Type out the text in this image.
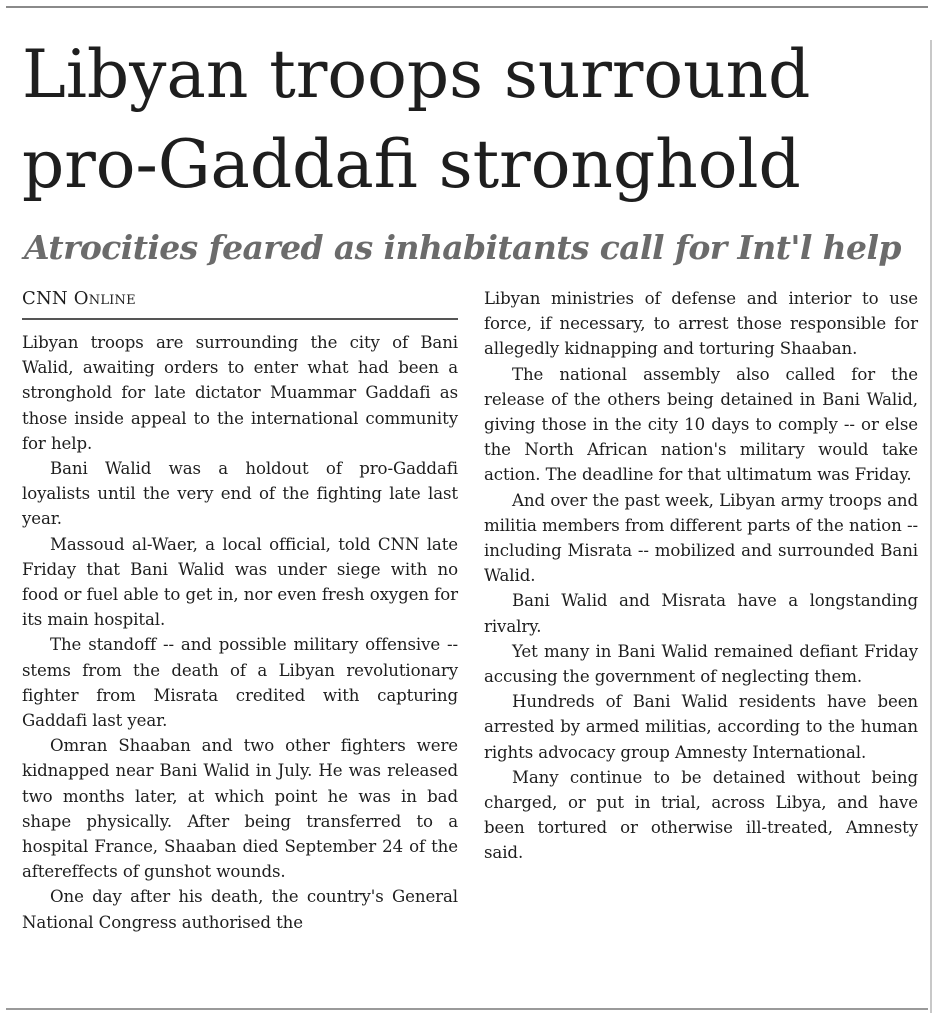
Libyan troops surround
pro-Gaddafi stronghold
Atrocities feared as inhabitants call for Int'l help
CNN Online

Libyan troops are surrounding the city of Bani Walid, awaiting orders to enter what had been a stronghold for late dictator Muammar Gaddafi as those inside appeal to the international community for help.

Bani Walid was a holdout of pro-Gaddafi loyalists until the very end of the fighting late last year.

Massoud al-Waer, a local official, told CNN late Friday that Bani Walid was under siege with no food or fuel able to get in, nor even fresh oxygen for its main hospital.

The standoff -- and possible military offensive -- stems from the death of a Libyan revolutionary fighter from Misrata credited with capturing Gaddafi last year.

Omran Shaaban and two other fighters were kidnapped near Bani Walid in July. He was released two months later, at which point he was in bad shape physically. After being transferred to a hospital France, Shaaban died September 24 of the aftereffects of gunshot wounds.

One day after his death, the country's General National Congress authorised the

Libyan ministries of defense and interior to use force, if necessary, to arrest those responsible for allegedly kidnapping and torturing Shaaban.

The national assembly also called for the release of the others being detained in Bani Walid, giving those in the city 10 days to comply -- or else the North African nation's military would take action. The deadline for that ultimatum was Friday.

And over the past week, Libyan army troops and militia members from different parts of the nation -- including Misrata -- mobilized and surrounded Bani Walid.

Bani Walid and Misrata have a longstanding rivalry.

Yet many in Bani Walid remained defiant Friday accusing the government of neglecting them.

Hundreds of Bani Walid residents have been arrested by armed militias, according to the human rights advocacy group Amnesty International.

Many continue to be detained without being charged, or put in trial, across Libya, and have been tortured or otherwise ill-treated, Amnesty said.
